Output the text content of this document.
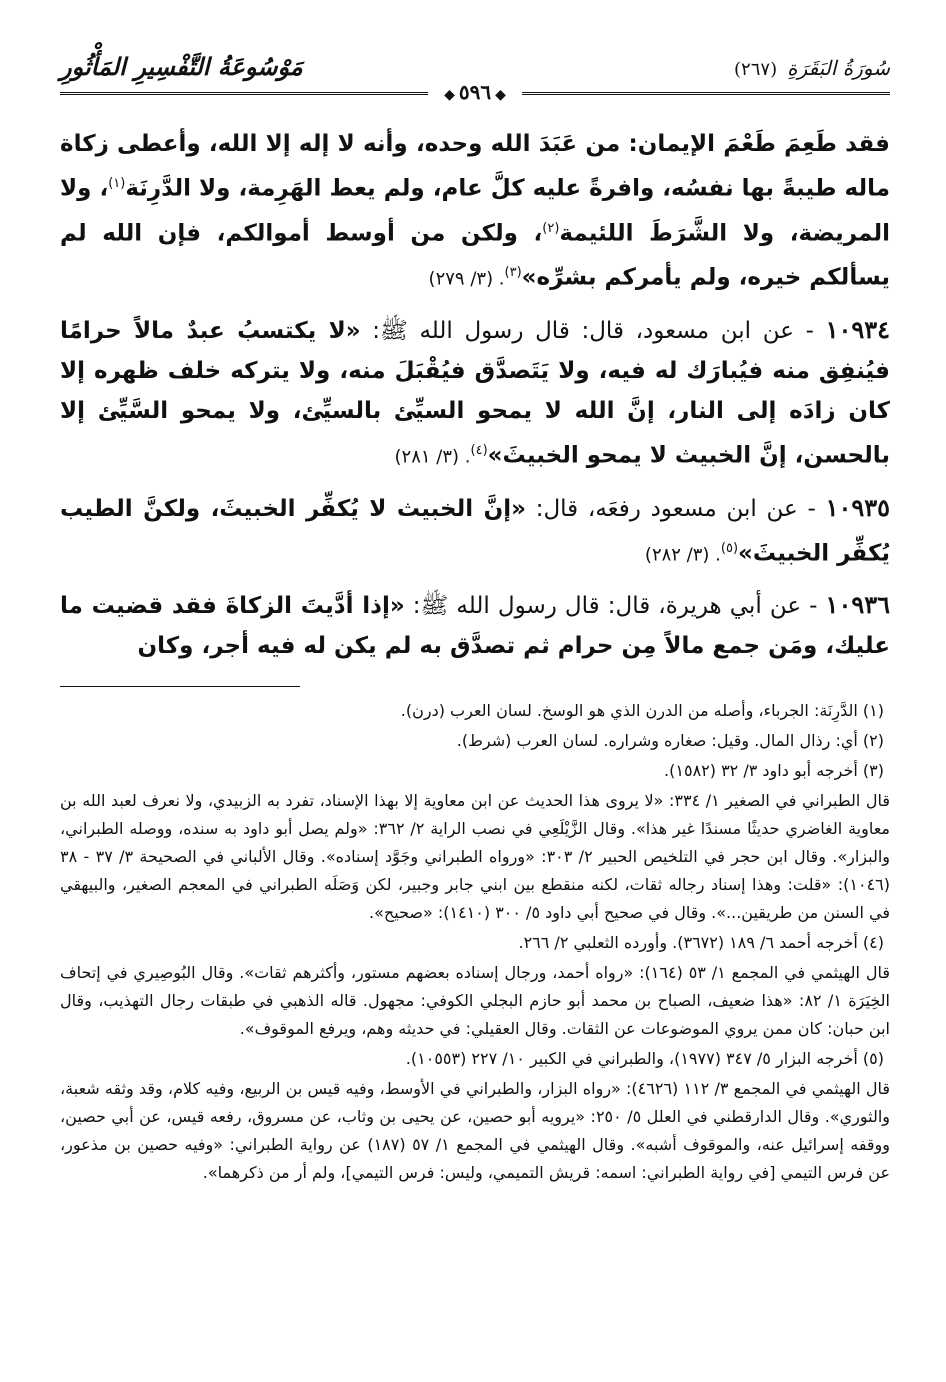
سُورَةُ البَقَرَةِ(٢٦٧)
مَوْسُوعَةُ التَّفْسِيرِ المَأْثُورِ
◆٥٩٦◆

فقد طَعِمَ طَعْمَ الإيمان: من عَبَدَ الله وحده، وأنه لا إله إلا الله، وأعطى زكاة ماله طيبةً بها نفسُه، وافرةً عليه كلَّ عام، ولم يعط الهَرِمة، ولا الدَّرِنَة$^{(١)}$، ولا المريضة، ولا الشَّرَطَ اللئيمة$^{(٢)}$، ولكن من أوسط أموالكم، فإن الله لم يسألكم خيره، ولم يأمركم بشرِّه»$^{(٣)}$. (٣/ ٢٧٩)

١٠٩٣٤ - عن ابن مسعود، قال: قال رسول الله ﷺ: «لا يكتسبُ عبدٌ مالاً حرامًا فيُنفِق منه فيُبارَك له فيه، ولا يَتَصدَّق فيُقْبَلَ منه، ولا يتركه خلف ظهره إلا كان زادَه إلى النار، إنَّ الله لا يمحو السيِّئ بالسيِّئ، ولا يمحو السَّيِّئ إلا بالحسن، إنَّ الخبيث لا يمحو الخبيثَ»$^{(٤)}$. (٣/ ٢٨١)

١٠٩٣٥ - عن ابن مسعود رفعَه، قال: «إنَّ الخبيث لا يُكفِّر الخبيثَ، ولكنَّ الطيب يُكفِّر الخبيثَ»$^{(٥)}$. (٣/ ٢٨٢)

١٠٩٣٦ - عن أبي هريرة، قال: قال رسول الله ﷺ: «إذا أدَّيتَ الزكاةَ فقد قضيت ما عليك، ومَن جمع مالاً مِن حرام ثم تصدَّق به لم يكن له فيه أجر، وكان

(١) الدَّرِنَة: الجرباء، وأصله من الدرن الذي هو الوسخ. لسان العرب (درن).

(٢) أي: رذال المال. وقيل: صغاره وشراره. لسان العرب (شرط).

(٣) أخرجه أبو داود ٣/ ٣٢ (١٥٨٢).

قال الطبراني في الصغير ١/ ٣٣٤: «لا يروى هذا الحديث عن ابن معاوية إلا بهذا الإسناد، تفرد به الزبيدي، ولا نعرف لعبد الله بن معاوية الغاضري حديثًا مسندًا غير هذا». وقال الزَّيْلَعِي في نصب الراية ٢/ ٣٦٢: «ولم يصل أبو داود به سنده، ووصله الطبراني، والبزار». وقال ابن حجر في التلخيص الحبير ٢/ ٣٠٣: «ورواه الطبراني وجَوَّد إسناده». وقال الألباني في الصحيحة ٣/ ٣٧ - ٣٨ (١٠٤٦): «قلت: وهذا إسناد رجاله ثقات، لكنه منقطع بين ابني جابر وجبير، لكن وَصَلَه الطبراني في المعجم الصغير، والبيهقي في السنن من طريقين...». وقال في صحيح أبي داود ٥/ ٣٠٠ (١٤١٠): «صحيح».

(٤) أخرجه أحمد ٦/ ١٨٩ (٣٦٧٢). وأورده الثعلبي ٢/ ٢٦٦.

قال الهيثمي في المجمع ١/ ٥٣ (١٦٤): «رواه أحمد، ورجال إسناده بعضهم مستور، وأكثرهم ثقات». وقال البُوصِيري في إتحاف الخِيَرَة ١/ ٨٢: «هذا ضعيف، الصباح بن محمد أبو حازم البجلي الكوفي: مجهول. قاله الذهبي في طبقات رجال التهذيب، وقال ابن حبان: كان ممن يروي الموضوعات عن الثقات. وقال العقيلي: في حديثه وهم، ويرفع الموقوف».

(٥) أخرجه البزار ٥/ ٣٤٧ (١٩٧٧)، والطبراني في الكبير ١٠/ ٢٢٧ (١٠٥٥٣).

قال الهيثمي في المجمع ٣/ ١١٢ (٤٦٢٦): «رواه البزار، والطبراني في الأوسط، وفيه قيس بن الربيع، وفيه كلام، وقد وثقه شعبة، والثوري». وقال الدارقطني في العلل ٥/ ٢٥٠: «يرويه أبو حصين، عن يحيى بن وثاب، عن مسروق، رفعه قيس، عن أبي حصين، ووقفه إسرائيل عنه، والموقوف أشبه». وقال الهيثمي في المجمع ١/ ٥٧ (١٨٧) عن رواية الطبراني: «وفيه حصين بن مذعور، عن فرس التيمي [في رواية الطبراني: اسمه: قريش التميمي، وليس: فرس التيمي]، ولم أر من ذكرهما».
